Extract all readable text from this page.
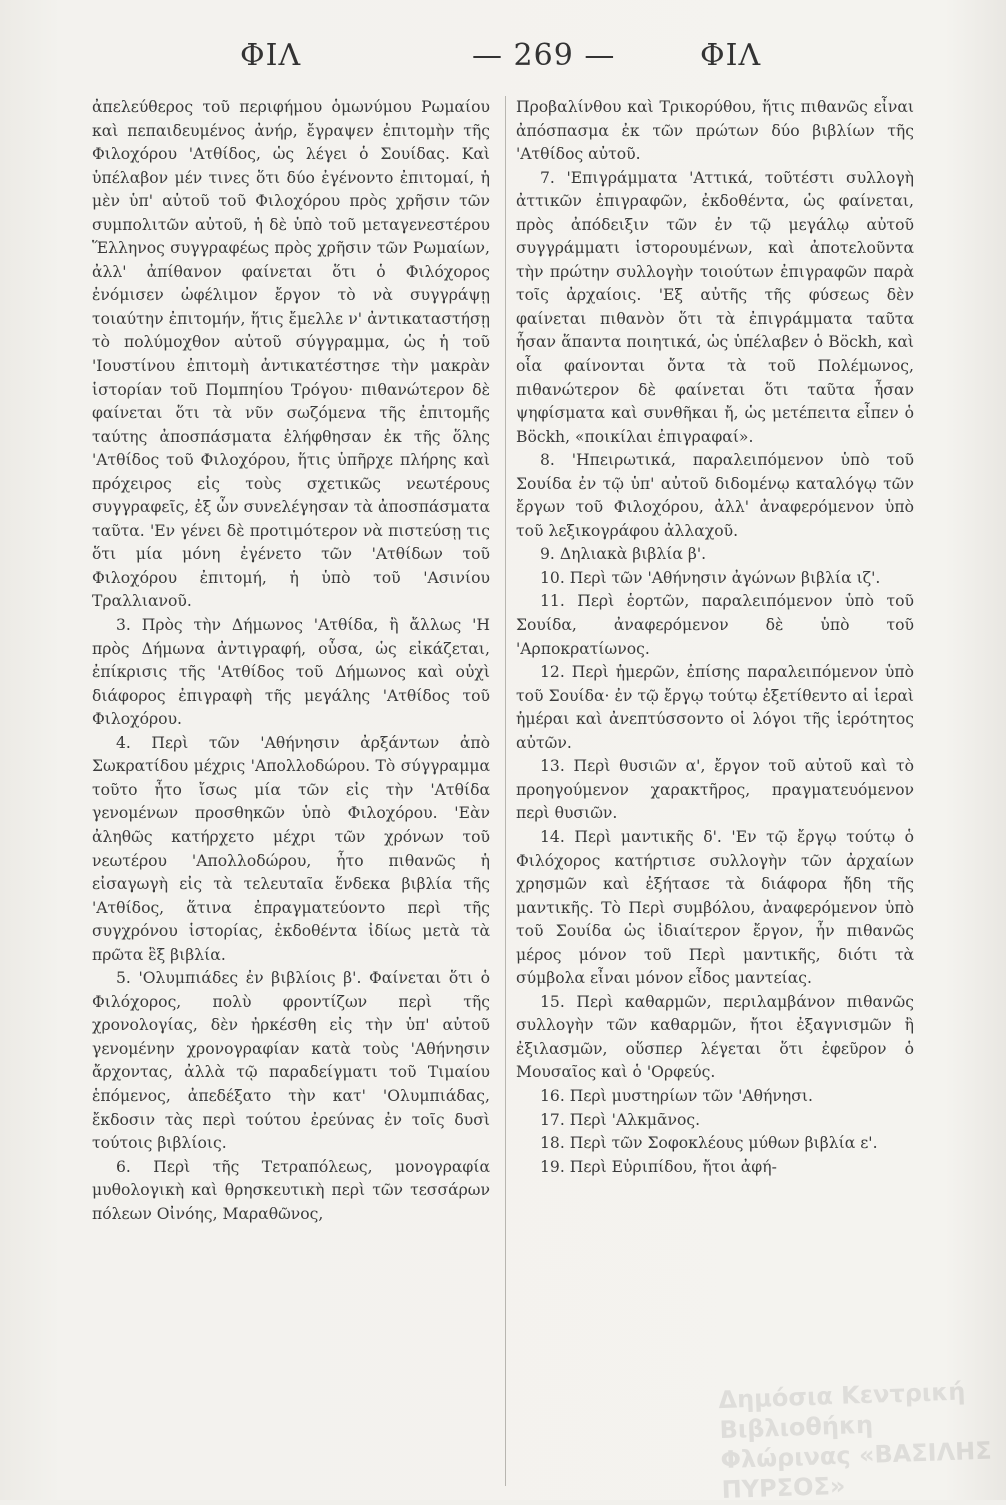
ΦΙΛ	— 269 —	ΦΙΛ

ἀπελεύθερος τοῦ περιφήμου ὁμωνύμου Ρωμαίου καὶ πεπαιδευμένος ἀνήρ, ἔγραψεν ἐπιτομὴν τῆς Φιλοχόρου 'Ατθίδος, ὡς λέγει ὁ Σουίδας. Καὶ ὑπέλαβον μέν τινες ὅτι δύο ἐγένοντο ἐπιτομαί, ἡ μὲν ὑπ' αὐτοῦ τοῦ Φιλοχόρου πρὸς χρῆσιν τῶν συμπολιτῶν αὐτοῦ, ἡ δὲ ὑπὸ τοῦ μεταγενεστέρου Ἕλληνος συγγραφέως πρὸς χρῆσιν τῶν Ρωμαίων, ἀλλ' ἀπίθανον φαίνεται ὅτι ὁ Φιλόχορος ἐνόμισεν ὠφέλιμον ἔργον τὸ νὰ συγγράψῃ τοιαύτην ἐπιτομήν, ἥτις ἔμελλε ν' ἀντικαταστήσῃ τὸ πολύμοχθον αὐτοῦ σύγγραμμα, ὡς ἡ τοῦ 'Ιουστίνου ἐπιτομὴ ἀντικατέστησε τὴν μακρὰν ἱστορίαν τοῦ Πομπηίου Τρόγου· πιθανώτερον δὲ φαίνεται ὅτι τὰ νῦν σωζόμενα τῆς ἐπιτομῆς ταύτης ἀποσπάσματα ἐλήφθησαν ἐκ τῆς ὅλης 'Ατθίδος τοῦ Φιλοχόρου, ἥτις ὑπῆρχε πλήρης καὶ πρόχειρος εἰς τοὺς σχετικῶς νεωτέρους συγγραφεῖς, ἐξ ὧν συνελέγησαν τὰ ἀποσπάσματα ταῦτα. 'Εν γένει δὲ προτιμότερον νὰ πιστεύσῃ τις ὅτι μία μόνη ἐγένετο τῶν 'Ατθίδων τοῦ Φιλοχόρου ἐπιτομή, ἡ ὑπὸ τοῦ 'Ασινίου Τραλλιανοῦ.

3. Πρὸς τὴν Δήμωνος 'Ατθίδα, ἢ ἄλλως 'Η πρὸς Δήμωνα ἀντιγραφή, οὖσα, ὡς εἰκάζεται, ἐπίκρισις τῆς 'Ατθίδος τοῦ Δήμωνος καὶ οὐχὶ διάφορος ἐπιγραφὴ τῆς μεγάλης 'Ατθίδος τοῦ Φιλοχόρου.

4. Περὶ τῶν 'Αθήνησιν ἀρξάντων ἀπὸ Σωκρατίδου μέχρις 'Απολλοδώρου. Τὸ σύγγραμμα τοῦτο ἦτο ἴσως μία τῶν εἰς τὴν 'Ατθίδα γενομένων προσθηκῶν ὑπὸ Φιλοχόρου. 'Εὰν ἀληθῶς κατήρχετο μέχρι τῶν χρόνων τοῦ νεωτέρου 'Απολλοδώρου, ἦτο πιθανῶς ἡ εἰσαγωγὴ εἰς τὰ τελευταῖα ἕνδεκα βιβλία τῆς 'Ατθίδος, ἅτινα ἐπραγματεύοντο περὶ τῆς συγχρόνου ἱστορίας, ἐκδοθέντα ἰδίως μετὰ τὰ πρῶτα ἓξ βιβλία.

5. 'Ολυμπιάδες ἐν βιβλίοις β'. Φαίνεται ὅτι ὁ Φιλόχορος, πολὺ φροντίζων περὶ τῆς χρονολογίας, δὲν ἠρκέσθη εἰς τὴν ὑπ' αὐτοῦ γενομένην χρονογραφίαν κατὰ τοὺς 'Αθήνησιν ἄρχοντας, ἀλλὰ τῷ παραδείγματι τοῦ Τιμαίου ἑπόμενος, ἀπεδέξατο τὴν κατ' 'Ολυμπιάδας, ἔκδοσιν τὰς περὶ τούτου ἐρεύνας ἐν τοῖς δυσὶ τούτοις βιβλίοις.

6. Περὶ τῆς Τετραπόλεως, μονογραφία μυθολογικὴ καὶ θρησκευτικὴ περὶ τῶν τεσσάρων πόλεων Οἰνόης, Μαραθῶνος,

Προβαλίνθου καὶ Τρικορύθου, ἥτις πιθανῶς εἶναι ἀπόσπασμα ἐκ τῶν πρώτων δύο βιβλίων τῆς 'Ατθίδος αὐτοῦ.

7. 'Επιγράμματα 'Αττικά, τοῦτέστι συλλογὴ ἀττικῶν ἐπιγραφῶν, ἐκδοθέντα, ὡς φαίνεται, πρὸς ἀπόδειξιν τῶν ἐν τῷ μεγάλῳ αὐτοῦ συγγράμματι ἱστορουμένων, καὶ ἀποτελοῦντα τὴν πρώτην συλλογὴν τοιούτων ἐπιγραφῶν παρὰ τοῖς ἀρχαίοις. 'Εξ αὐτῆς τῆς φύσεως δὲν φαίνεται πιθανὸν ὅτι τὰ ἐπιγράμματα ταῦτα ἦσαν ἅπαντα ποιητικά, ὡς ὑπέλαβεν ὁ Böckh, καὶ οἷα φαίνονται ὄντα τὰ τοῦ Πολέμωνος, πιθανώτερον δὲ φαίνεται ὅτι ταῦτα ἦσαν ψηφίσματα καὶ συνθῆκαι ἤ, ὡς μετέπειτα εἶπεν ὁ Böckh, «ποικίλαι ἐπιγραφαί».

8. 'Ηπειρωτικά, παραλειπόμενον ὑπὸ τοῦ Σουίδα ἐν τῷ ὑπ' αὐτοῦ διδομένῳ καταλόγῳ τῶν ἔργων τοῦ Φιλοχόρου, ἀλλ' ἀναφερόμενον ὑπὸ τοῦ λεξικογράφου ἀλλαχοῦ.

9. Δηλιακὰ βιβλία β'.

10. Περὶ τῶν 'Αθήνησιν ἀγώνων βιβλία ιζ'.

11. Περὶ ἑορτῶν, παραλειπόμενον ὑπὸ τοῦ Σουίδα, ἀναφερόμενον δὲ ὑπὸ τοῦ 'Αρποκρατίωνος.

12. Περὶ ἡμερῶν, ἐπίσης παραλειπόμενον ὑπὸ τοῦ Σουίδα· ἐν τῷ ἔργῳ τούτῳ ἐξετίθεντο αἱ ἱεραὶ ἡμέραι καὶ ἀνεπτύσσοντο οἱ λόγοι τῆς ἱερότητος αὐτῶν.

13. Περὶ θυσιῶν α', ἔργον τοῦ αὐτοῦ καὶ τὸ προηγούμενον χαρακτῆρος, πραγματευόμενον περὶ θυσιῶν.

14. Περὶ μαντικῆς δ'. 'Εν τῷ ἔργῳ τούτῳ ὁ Φιλόχορος κατήρτισε συλλογὴν τῶν ἀρχαίων χρησμῶν καὶ ἐξήτασε τὰ διάφορα ἤδη τῆς μαντικῆς. Τὸ Περὶ συμβόλου, ἀναφερόμενον ὑπὸ τοῦ Σουίδα ὡς ἰδιαίτερον ἔργον, ἦν πιθανῶς μέρος μόνον τοῦ Περὶ μαντικῆς, διότι τὰ σύμβολα εἶναι μόνον εἶδος μαντείας.

15. Περὶ καθαρμῶν, περιλαμβάνον πιθανῶς συλλογὴν τῶν καθαρμῶν, ἤτοι ἐξαγνισμῶν ἢ ἐξιλασμῶν, οὕσπερ λέγεται ὅτι ἐφεῦρον ὁ Μουσαῖος καὶ ὁ 'Ορφεύς.

16. Περὶ μυστηρίων τῶν 'Αθήνησι.

17. Περὶ 'Αλκμᾶνος.

18. Περὶ τῶν Σοφοκλέους μύθων βιβλία ε'.

19. Περὶ Εὐριπίδου, ἤτοι ἀφή-

Δημόσια Κεντρική Βιβλιοθήκη Φλώρινας «ΒΑΣΙΛΗΣ ΠΥΡΣΟΣ»
